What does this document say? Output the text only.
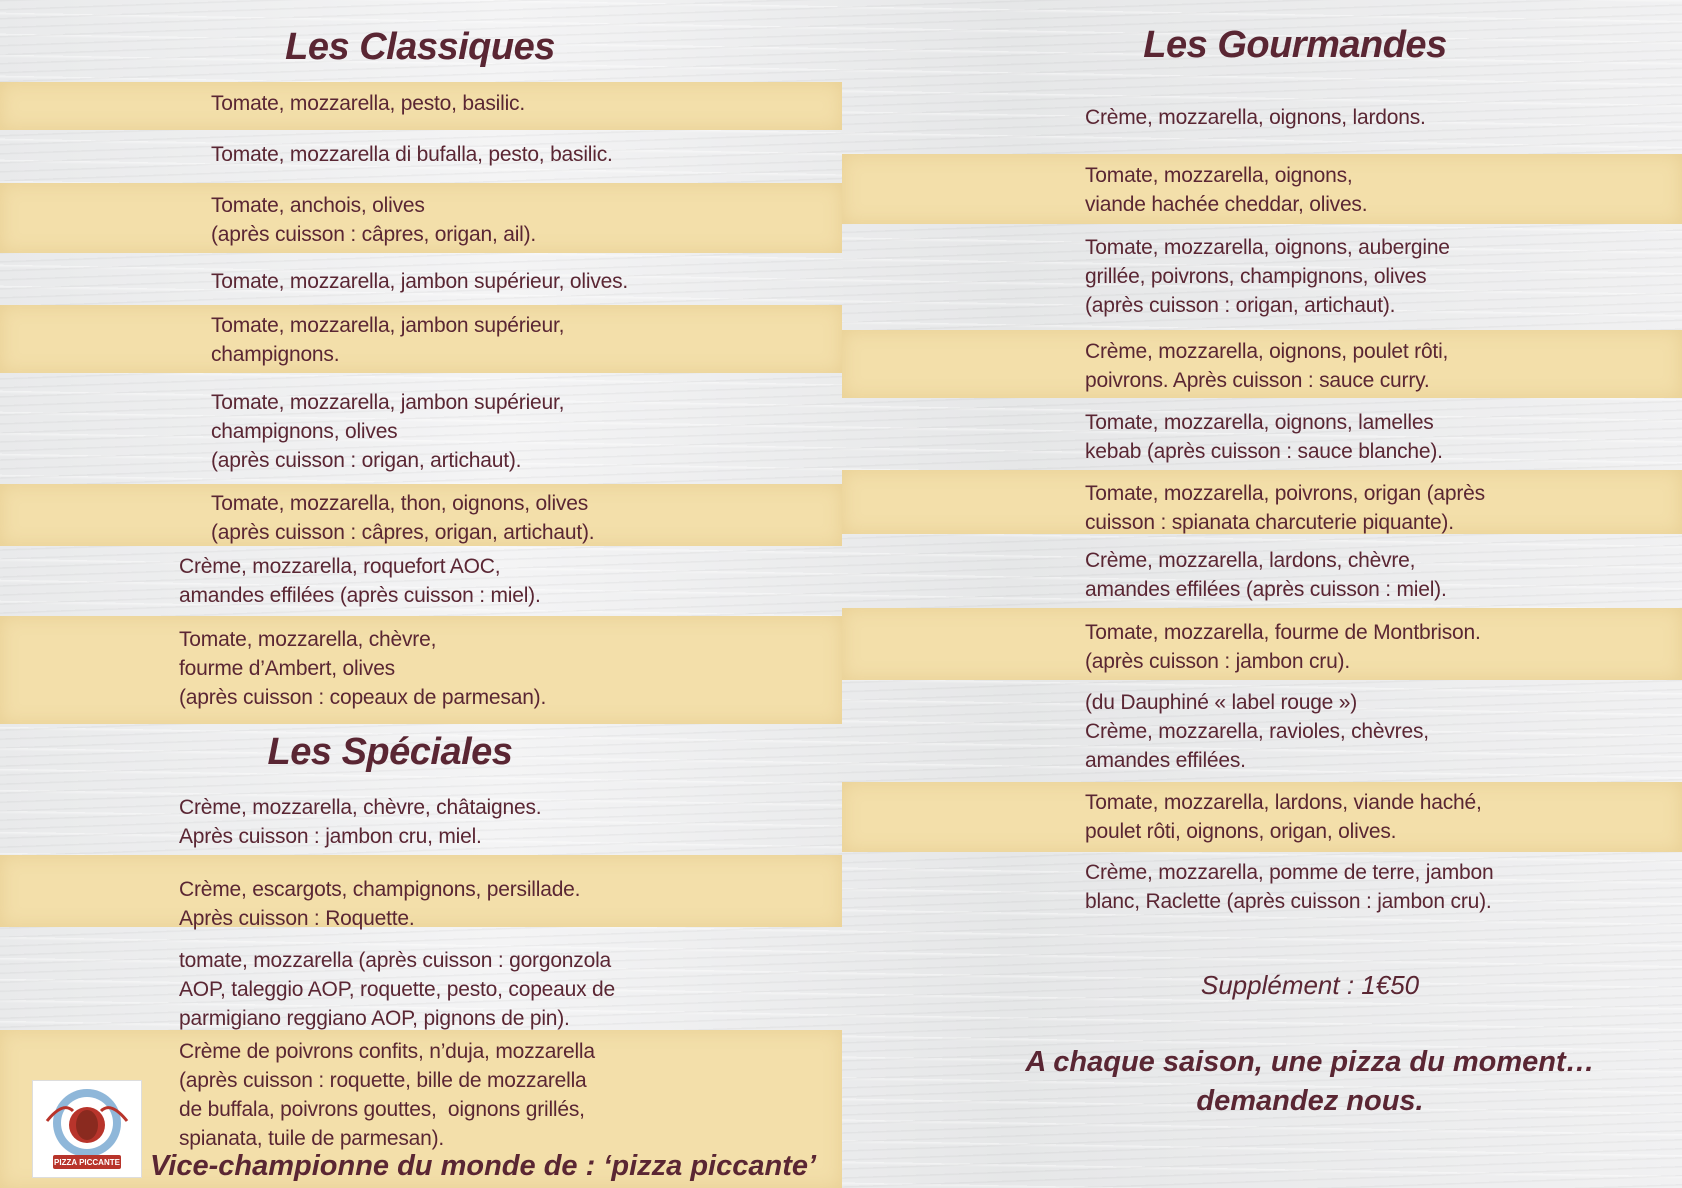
Les Classiques
Les Spéciales
Les Gourmandes
Tomate, mozzarella, pesto, basilic.
Tomate, mozzarella di bufalla, pesto, basilic.
Tomate, anchois, olives
(après cuisson : câpres, origan, ail).
Tomate, mozzarella, jambon supérieur, olives.
Tomate, mozzarella, jambon supérieur,
champignons.
Tomate, mozzarella, jambon supérieur,
champignons, olives
(après cuisson : origan, artichaut).
Tomate, mozzarella, thon, oignons, olives
(après cuisson : câpres, origan, artichaut).
Crème, mozzarella, roquefort AOC,
amandes effilées (après cuisson : miel).
Tomate, mozzarella, chèvre,
fourme d’Ambert, olives
(après cuisson : copeaux de parmesan).
Crème, mozzarella, chèvre, châtaignes.
Après cuisson : jambon cru, miel.
Crème, escargots, champignons, persillade.
Après cuisson : Roquette.
tomate, mozzarella (après cuisson : gorgonzola
AOP, taleggio AOP, roquette, pesto, copeaux de
parmigiano reggiano AOP, pignons de pin).
Crème de poivrons confits, n’duja, mozzarella
(après cuisson : roquette, bille de mozzarella
de buffala, poivrons gouttes,  oignons grillés,
spianata, tuile de parmesan).
Crème, mozzarella, oignons, lardons.
Tomate, mozzarella, oignons,
viande hachée cheddar, olives.
Tomate, mozzarella, oignons, aubergine
grillée, poivrons, champignons, olives
(après cuisson : origan, artichaut).
Crème, mozzarella, oignons, poulet rôti,
poivrons. Après cuisson : sauce curry.
Tomate, mozzarella, oignons, lamelles
kebab (après cuisson : sauce blanche).
Tomate, mozzarella, poivrons, origan (après
cuisson : spianata charcuterie piquante).
Crème, mozzarella, lardons, chèvre,
amandes effilées (après cuisson : miel).
Tomate, mozzarella, fourme de Montbrison.
(après cuisson : jambon cru).
(du Dauphiné « label rouge »)
Crème, mozzarella, ravioles, chèvres,
amandes effilées.
Tomate, mozzarella, lardons, viande haché,
poulet rôti, oignons, origan, olives.
Crème, mozzarella, pomme de terre, jambon
blanc, Raclette (après cuisson : jambon cru).
Vice-championne du monde de : ‘pizza piccante’
Supplément : 1€50
A chaque saison, une pizza du moment…
demandez nous.
PIZZA PICCANTE
